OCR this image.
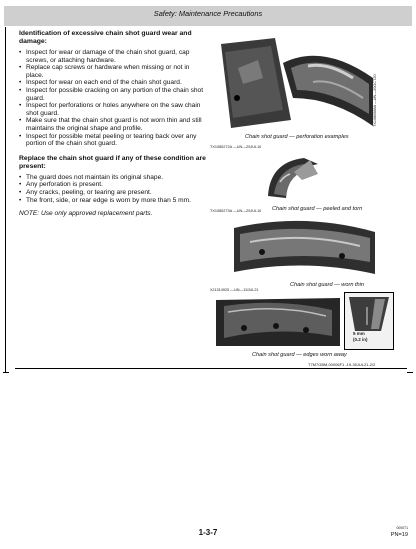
Safety: Maintenance Precautions
Identification of excessive chain shot guard wear and damage:
• Inspect for wear or damage of the chain shot guard, cap screws, or attaching hardware.
• Replace cap screws or hardware when missing or not in place.
• Inspect for wear on each end of the chain shot guard.
• Inspect for possible cracking on any portion of the chain shot guard.
• Inspect for perforations or holes anywhere on the saw chain shot guard.
• Make sure that the chain shot guard is not worn thin and still maintains the original shape and profile.
• Inspect for possible metal peeling or tearing back over any portion of the chain shot guard.
Replace the chain shot guard if any of these condition are present:
• The guard does not maintain its original shape.
• Any perforation is present.
• Any cracks, peeling, or tearing are present.
• The front, side, or rear edge is worn by more than 5 mm.
NOTE: Use only approved replacement parts.
TX1080688A —UN—20OCT20
Chain shot guard — perforation examples
TX1080272A —UN—29JUL10
Chain shot guard — peeled and torn
TX1080273A —UN—29JUL10
Chain shot guard — worn thin
XJ1314925 —UN—15JUL21
5 mm
(0.2 in)
Chain shot guard — edges worn away
T7M7GBM,00006F1 -19-30JUL21-2/2
1-3-7	0000T1
PN=19
